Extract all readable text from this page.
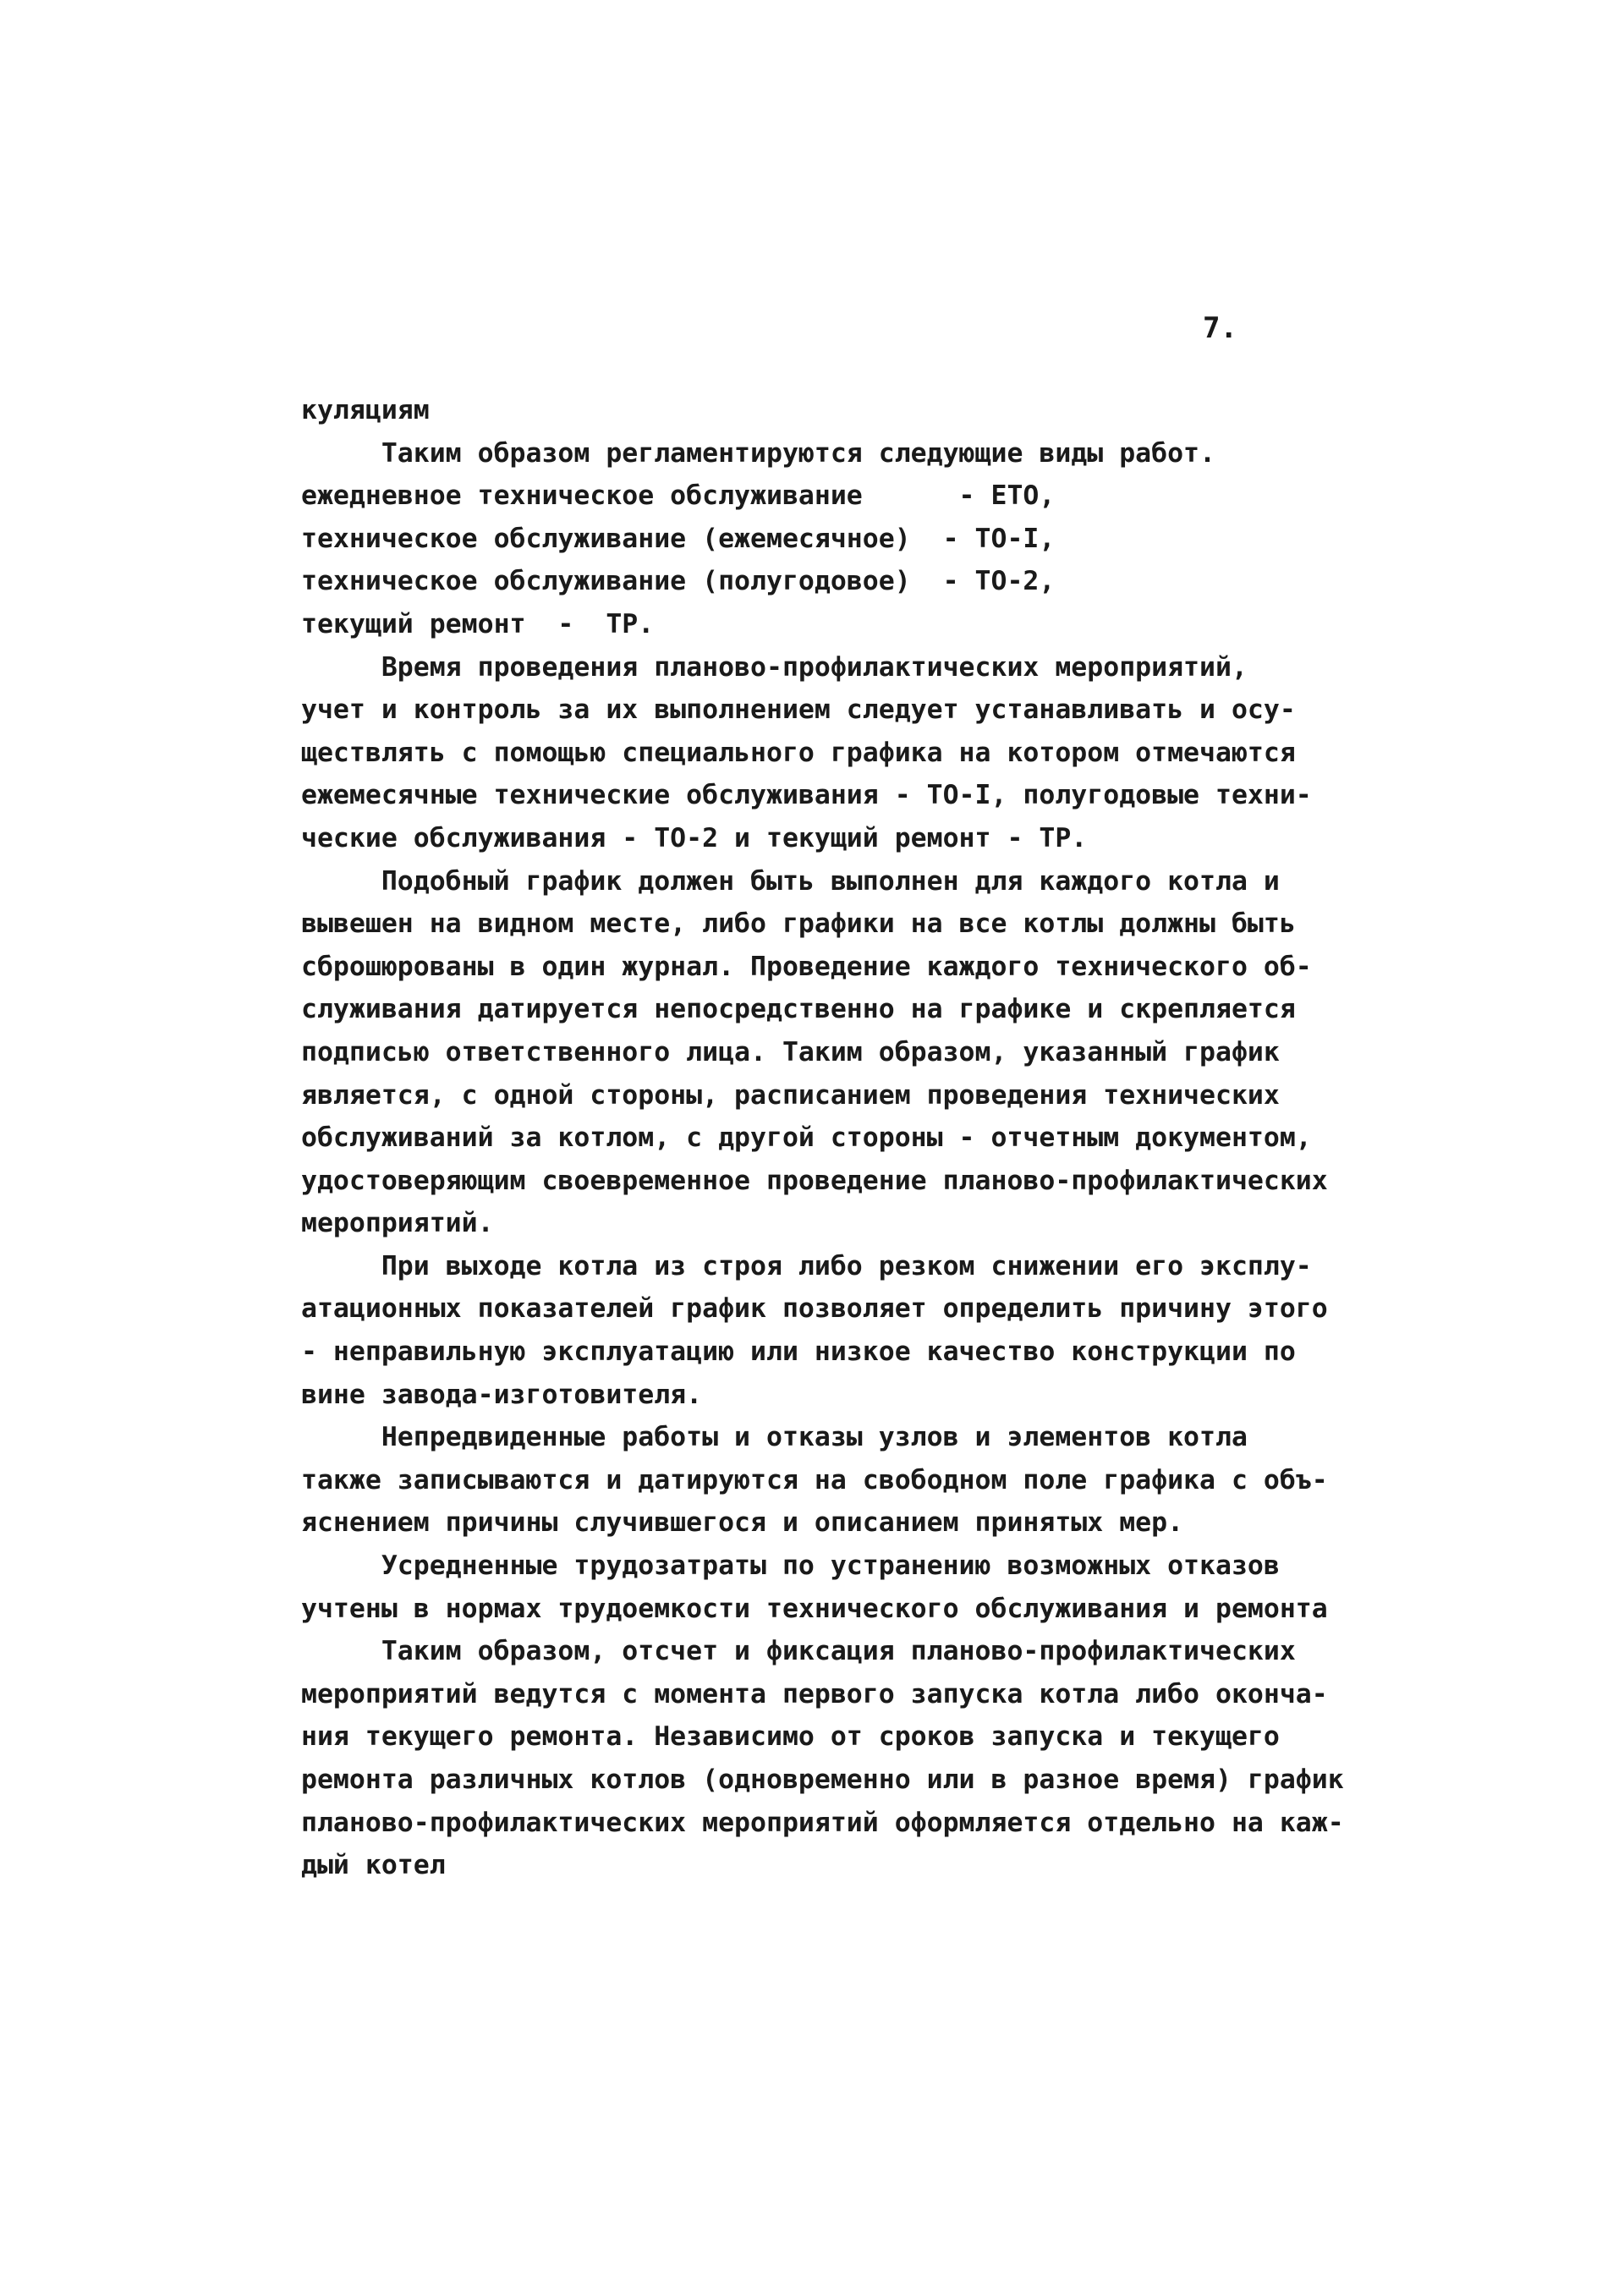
7.
куляциям
Таким образом регламентируются следующие виды работ.
ежедневное техническое обслуживание      - ЕТО,
техническое обслуживание (ежемесячное)  - ТО-I,
техническое обслуживание (полугодовое)  - ТО-2,
текущий ремонт  -  ТР.
Время проведения планово-профилактических мероприятий,
учет и контроль за их выполнением следует устанавливать и осу-
ществлять с помощью специального графика на котором отмечаются
ежемесячные технические обслуживания - ТО-I, полугодовые техни-
ческие обслуживания - ТО-2 и текущий ремонт - ТР.
Подобный график должен быть выполнен для каждого котла и
вывешен на видном месте, либо графики на все котлы должны быть
сброшюрованы в один журнал. Проведение каждого технического об-
служивания датируется непосредственно на графике и скрепляется
подписью ответственного лица. Таким образом, указанный график
является, с одной стороны, расписанием проведения технических
обслуживаний за котлом, с другой стороны - отчетным документом,
удостоверяющим своевременное проведение планово-профилактических
мероприятий.
При выходе котла из строя либо резком снижении его эксплу-
атационных показателей график позволяет определить причину этого
- неправильную эксплуатацию или низкое качество конструкции по
вине завода-изготовителя.
Непредвиденные работы и отказы узлов и элементов котла
также записываются и датируются на свободном поле графика с объ-
яснением причины случившегося и описанием принятых мер.
Усредненные трудозатраты по устранению возможных отказов
учтены в нормах трудоемкости технического обслуживания и ремонта
Таким образом, отсчет и фиксация планово-профилактических
мероприятий ведутся с момента первого запуска котла либо оконча-
ния текущего ремонта. Независимо от сроков запуска и текущего
ремонта различных котлов (одновременно или в разное время) график
планово-профилактических мероприятий оформляется отдельно на каж-
дый котел
